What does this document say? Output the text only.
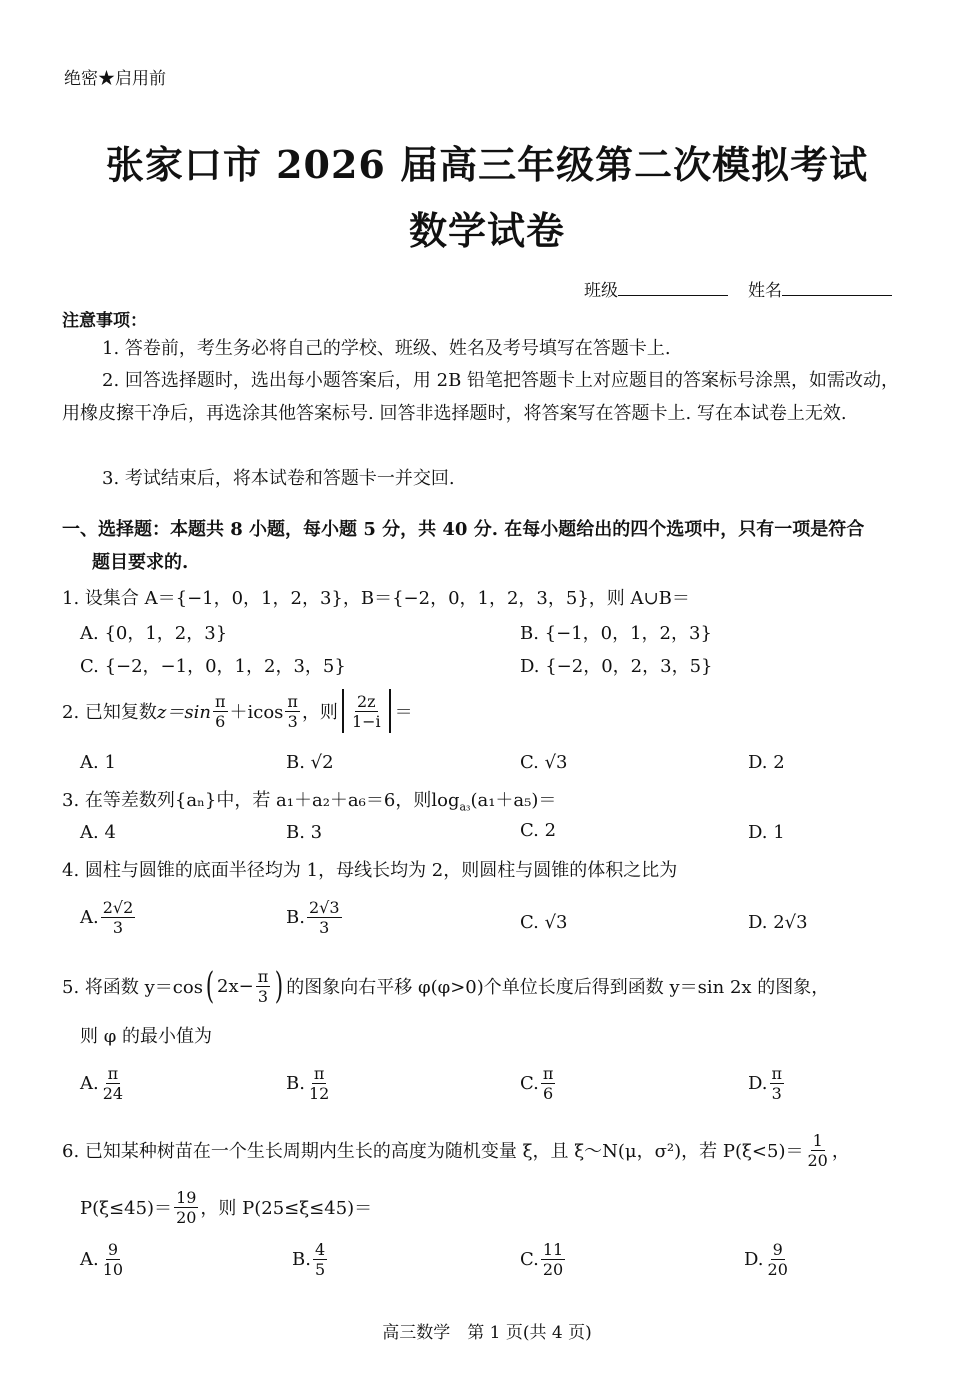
绝密★启用前
张家口市 2026 届高三年级第二次模拟考试
数学试卷
班级	姓名
注意事项：
1. 答卷前，考生务必将自己的学校、班级、姓名及考号填写在答题卡上.
2. 回答选择题时，选出每小题答案后，用 2B 铅笔把答题卡上对应题目的答案标号涂黑，如需改动，用橡皮擦干净后，再选涂其他答案标号. 回答非选择题时，将答案写在答题卡上. 写在本试卷上无效.
3. 考试结束后，将本试卷和答题卡一并交回.
一、选择题：本题共 8 小题，每小题 5 分，共 40 分. 在每小题给出的四个选项中，只有一项是符合
题目要求的.
1. 设集合 A＝{−1，0，1，2，3}，B＝{−2，0，1，2，3，5}，则 A∪B＝
A. {0，1，2，3}	B. {−1，0，1，2，3}
C. {−2，−1，0，1，2，3，5}	D. {−2，0，2，3，5}
2. 已知复数 $z=\sin \frac{\pi}{6} +icos \frac{\pi}{3}$ ，则 $\frac{2z}{1-i}$ ＝
A. 1	B. √2	C. √3	D. 2
3. 在等差数列{aₙ}中，若 a₁＋a₂＋a₆＝6，则$\log_{a_3}(a_1+a_5)=$
A. 4	B. 3	C. 2	D. 1
4. 圆柱与圆锥的底面半径均为 1，母线长均为 2，则圆柱与圆锥的体积之比为
A. $\frac{2√2}{3}$	B. $\frac{2√3}{3}$	C. √3	D. 2√3
5. 将函数 y＝cos ( $2x- \frac{\pi}{3}$ ) 的图象向右平移 φ(φ>0)个单位长度后得到函数 y＝sin 2x 的图象，
则 φ 的最小值为
A. $\frac{\pi}{24}$	B. $\frac{\pi}{12}$	C. $\frac{\pi}{6}$	D. $\frac{\pi}{3}$
6. 已知某种树苗在一个生长周期内生长的高度为随机变量 ξ，且 ξ～N(μ，σ²)，若 $P(\xi<5)= \frac{1}{20}$ ，
$P(\xi\le 45)= \frac{19}{20}$ ，则 P(25≤ξ≤45)＝
A. $\frac{9}{10}$	B. $\frac{4}{5}$	C. $\frac{11}{20}$	D. $\frac{9}{20}$
高三数学　第 1 页(共 4 页)
